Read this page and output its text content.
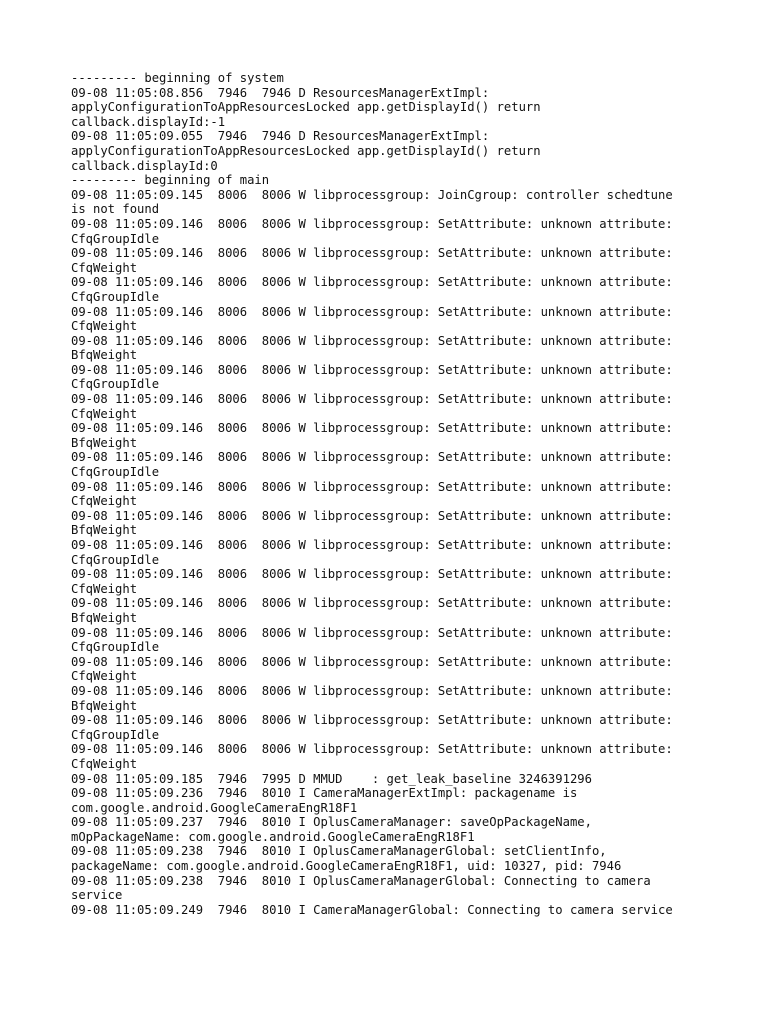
--------- beginning of system

09-08 11:05:08.856  7946  7946 D ResourcesManagerExtImpl:

applyConfigurationToAppResourcesLocked app.getDisplayId() return

callback.displayId:-1

09-08 11:05:09.055  7946  7946 D ResourcesManagerExtImpl:

applyConfigurationToAppResourcesLocked app.getDisplayId() return

callback.displayId:0

--------- beginning of main

09-08 11:05:09.145  8006  8006 W libprocessgroup: JoinCgroup: controller schedtune

is not found

09-08 11:05:09.146  8006  8006 W libprocessgroup: SetAttribute: unknown attribute:

CfqGroupIdle

09-08 11:05:09.146  8006  8006 W libprocessgroup: SetAttribute: unknown attribute:

CfqWeight

09-08 11:05:09.146  8006  8006 W libprocessgroup: SetAttribute: unknown attribute:

CfqGroupIdle

09-08 11:05:09.146  8006  8006 W libprocessgroup: SetAttribute: unknown attribute:

CfqWeight

09-08 11:05:09.146  8006  8006 W libprocessgroup: SetAttribute: unknown attribute:

BfqWeight

09-08 11:05:09.146  8006  8006 W libprocessgroup: SetAttribute: unknown attribute:

CfqGroupIdle

09-08 11:05:09.146  8006  8006 W libprocessgroup: SetAttribute: unknown attribute:

CfqWeight

09-08 11:05:09.146  8006  8006 W libprocessgroup: SetAttribute: unknown attribute:

BfqWeight

09-08 11:05:09.146  8006  8006 W libprocessgroup: SetAttribute: unknown attribute:

CfqGroupIdle

09-08 11:05:09.146  8006  8006 W libprocessgroup: SetAttribute: unknown attribute:

CfqWeight

09-08 11:05:09.146  8006  8006 W libprocessgroup: SetAttribute: unknown attribute:

BfqWeight

09-08 11:05:09.146  8006  8006 W libprocessgroup: SetAttribute: unknown attribute:

CfqGroupIdle

09-08 11:05:09.146  8006  8006 W libprocessgroup: SetAttribute: unknown attribute:

CfqWeight

09-08 11:05:09.146  8006  8006 W libprocessgroup: SetAttribute: unknown attribute:

BfqWeight

09-08 11:05:09.146  8006  8006 W libprocessgroup: SetAttribute: unknown attribute:

CfqGroupIdle

09-08 11:05:09.146  8006  8006 W libprocessgroup: SetAttribute: unknown attribute:

CfqWeight

09-08 11:05:09.146  8006  8006 W libprocessgroup: SetAttribute: unknown attribute:

BfqWeight

09-08 11:05:09.146  8006  8006 W libprocessgroup: SetAttribute: unknown attribute:

CfqGroupIdle

09-08 11:05:09.146  8006  8006 W libprocessgroup: SetAttribute: unknown attribute:

CfqWeight

09-08 11:05:09.185  7946  7995 D MMUD    : get_leak_baseline 3246391296

09-08 11:05:09.236  7946  8010 I CameraManagerExtImpl: packagename is

com.google.android.GoogleCameraEngR18F1

09-08 11:05:09.237  7946  8010 I OplusCameraManager: saveOpPackageName,

mOpPackageName: com.google.android.GoogleCameraEngR18F1

09-08 11:05:09.238  7946  8010 I OplusCameraManagerGlobal: setClientInfo,

packageName: com.google.android.GoogleCameraEngR18F1, uid: 10327, pid: 7946

09-08 11:05:09.238  7946  8010 I OplusCameraManagerGlobal: Connecting to camera

service

09-08 11:05:09.249  7946  8010 I CameraManagerGlobal: Connecting to camera service
